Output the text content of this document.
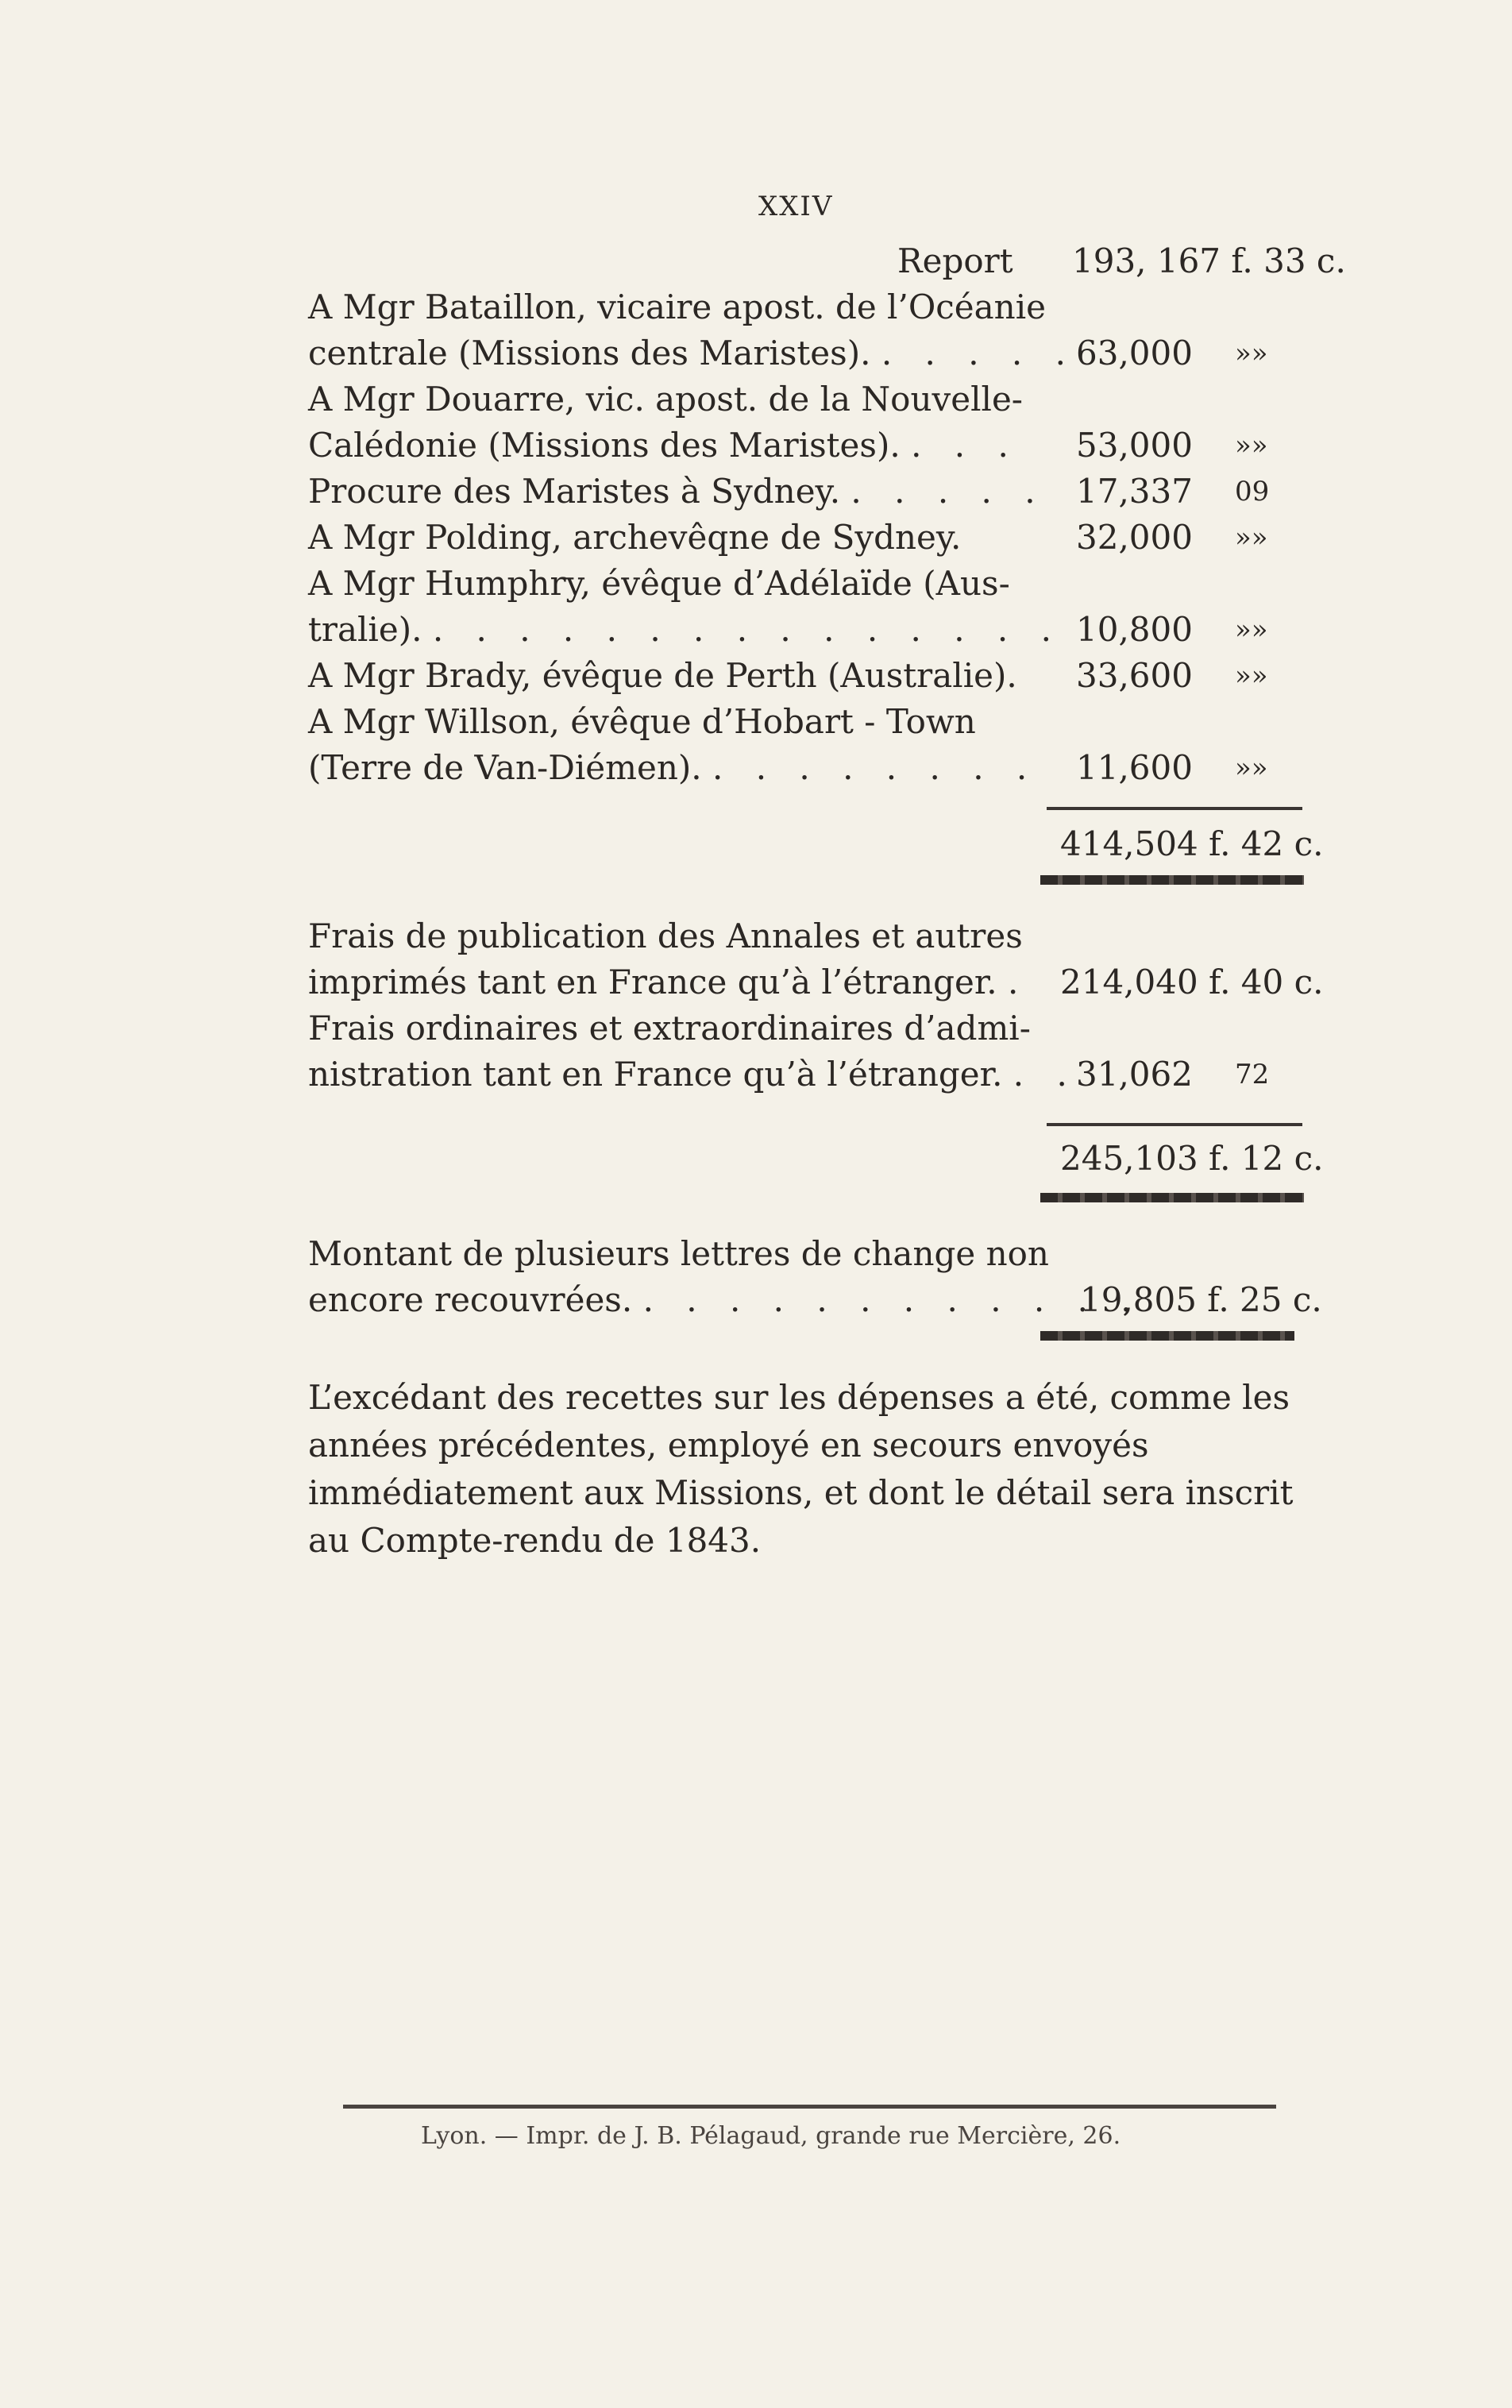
XXIV
Report 193, 167 f. 33 c.
A Mgr Bataillon, vicaire apost. de l’Océanie
centrale (Missions des Maristes). . . . . . 63,000 »»
A Mgr Douarre, vic. apost. de la Nouvelle-
Calédonie (Missions des Maristes). . . . 53,000 »»
Procure des Maristes à Sydney. . . . . . 17,337 09
A Mgr Polding, archevêqne de Sydney.	32,000 »»
A Mgr Humphry, évêque d’Adélaïde (Aus-
tralie). . . . . . . . . . . . . . . . 10,800 »»
A Mgr Brady, évêque de Perth (Australie). 33,600 »»
A Mgr Willson, évêque d’Hobart - Town
(Terre de Van-Diémen). . . . . . . . . 11,600 »»
414,504 f. 42 c.
Frais de publication des Annales et autres
imprimés tant en France qu’à l’étranger. . 214,040 f. 40 c.
Frais ordinaires et extraordinaires d’admi-
nistration tant en France qu’à l’étranger. . .
31,062 72
245,103 f. 12 c.
Montant de plusieurs lettres de change non
encore recouvrées. . . . . . . . . . . . .
19,805 f. 25 c.
L’excédant des recettes sur les dépenses a été, comme les années précédentes, employé en secours envoyés immédiatement aux Missions, et dont le détail sera inscrit au Compte-rendu de 1843.
Lyon. — Impr. de J. B. Pélagaud, grande rue Mercière, 26.
